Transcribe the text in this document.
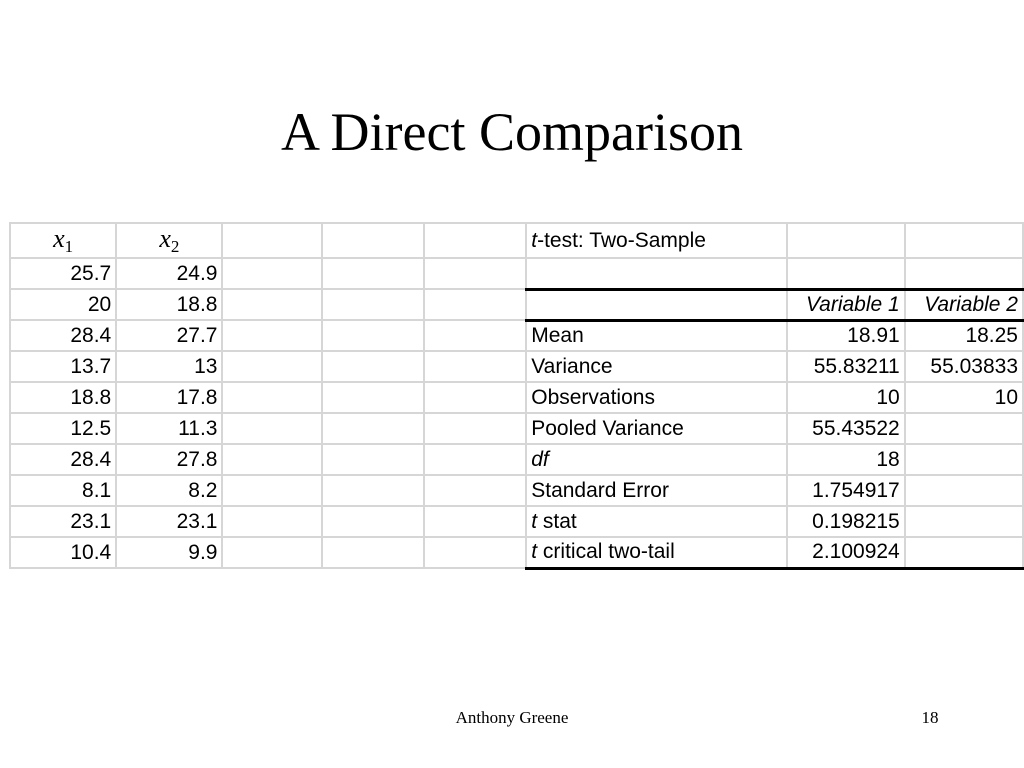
A Direct Comparison
$x_1$	$x_2$				t-test: Two-Sample		
25.7	24.9						
20	18.8					Variable 1	Variable 2
28.4	27.7				Mean	18.91	18.25
13.7	13				Variance	55.83211	55.03833
18.8	17.8				Observations	10	10
12.5	11.3				Pooled Variance	55.43522	
28.4	27.8				df	18	
8.1	8.2				Standard Error	1.754917	
23.1	23.1				t stat	0.198215	
10.4	9.9				t critical two-tail	2.100924	
Anthony Greene	18
